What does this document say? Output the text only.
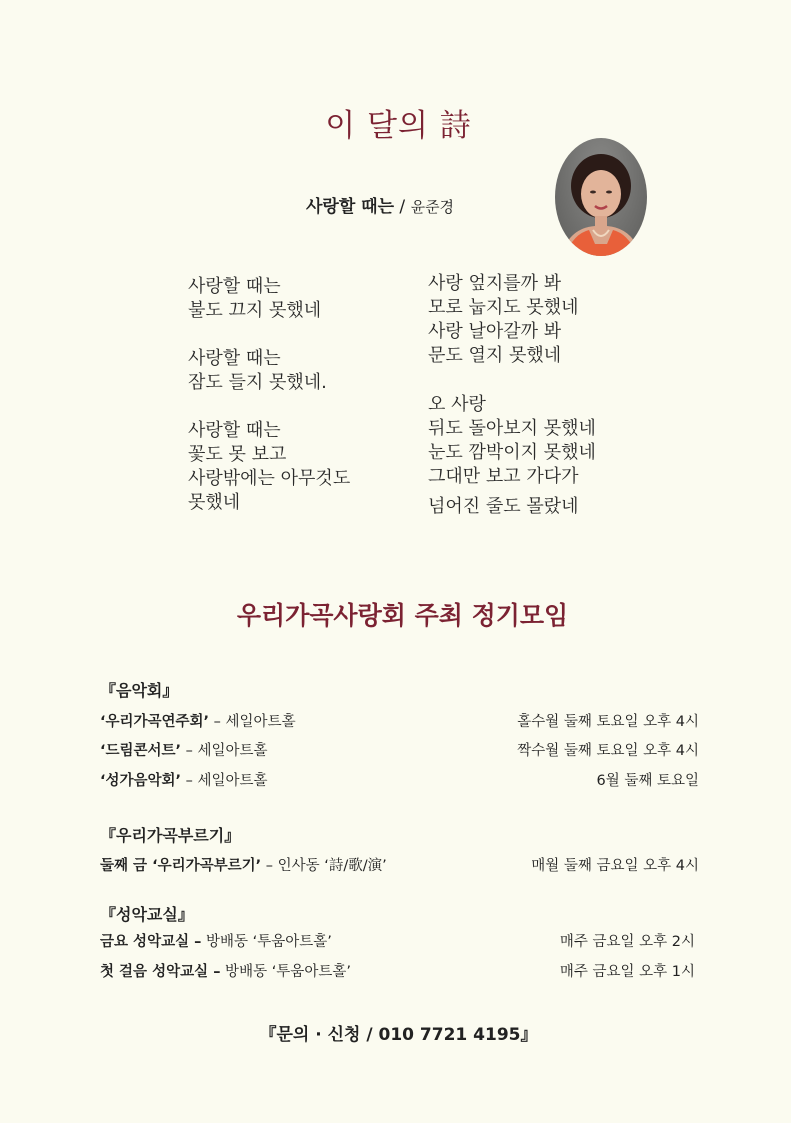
이 달의 詩
사랑할 때는 / 윤준경
사랑할 때는
불도 끄지 못했네
사랑할 때는
잠도 들지 못했네.
사랑할 때는
꽃도 못 보고
사랑밖에는 아무것도
못했네
사랑 엎지를까 봐
모로 눕지도 못했네
사랑 날아갈까 봐
문도 열지 못했네
오 사랑
뒤도 돌아보지 못했네
눈도 깜박이지 못했네
그대만 보고 가다가
넘어진 줄도 몰랐네
우리가곡사랑회 주최 정기모임
『음악회』
‘우리가곡연주회’ – 세일아트홀	홀수월 둘째 토요일 오후 4시
‘드림콘서트’ – 세일아트홀	짝수월 둘째 토요일 오후 4시
‘성가음악회’ – 세일아트홀	6월 둘째 토요일
『우리가곡부르기』
둘째 금 ‘우리가곡부르기’ – 인사동 ‘詩/歌/演’	매월 둘째 금요일 오후 4시
『성악교실』
금요 성악교실 – 방배동 ‘투움아트홀’	매주 금요일 오후 2시
첫 걸음 성악교실 – 방배동 ‘투움아트홀’	매주 금요일 오후 1시
『문의 · 신청 / 010 7721 4195』
